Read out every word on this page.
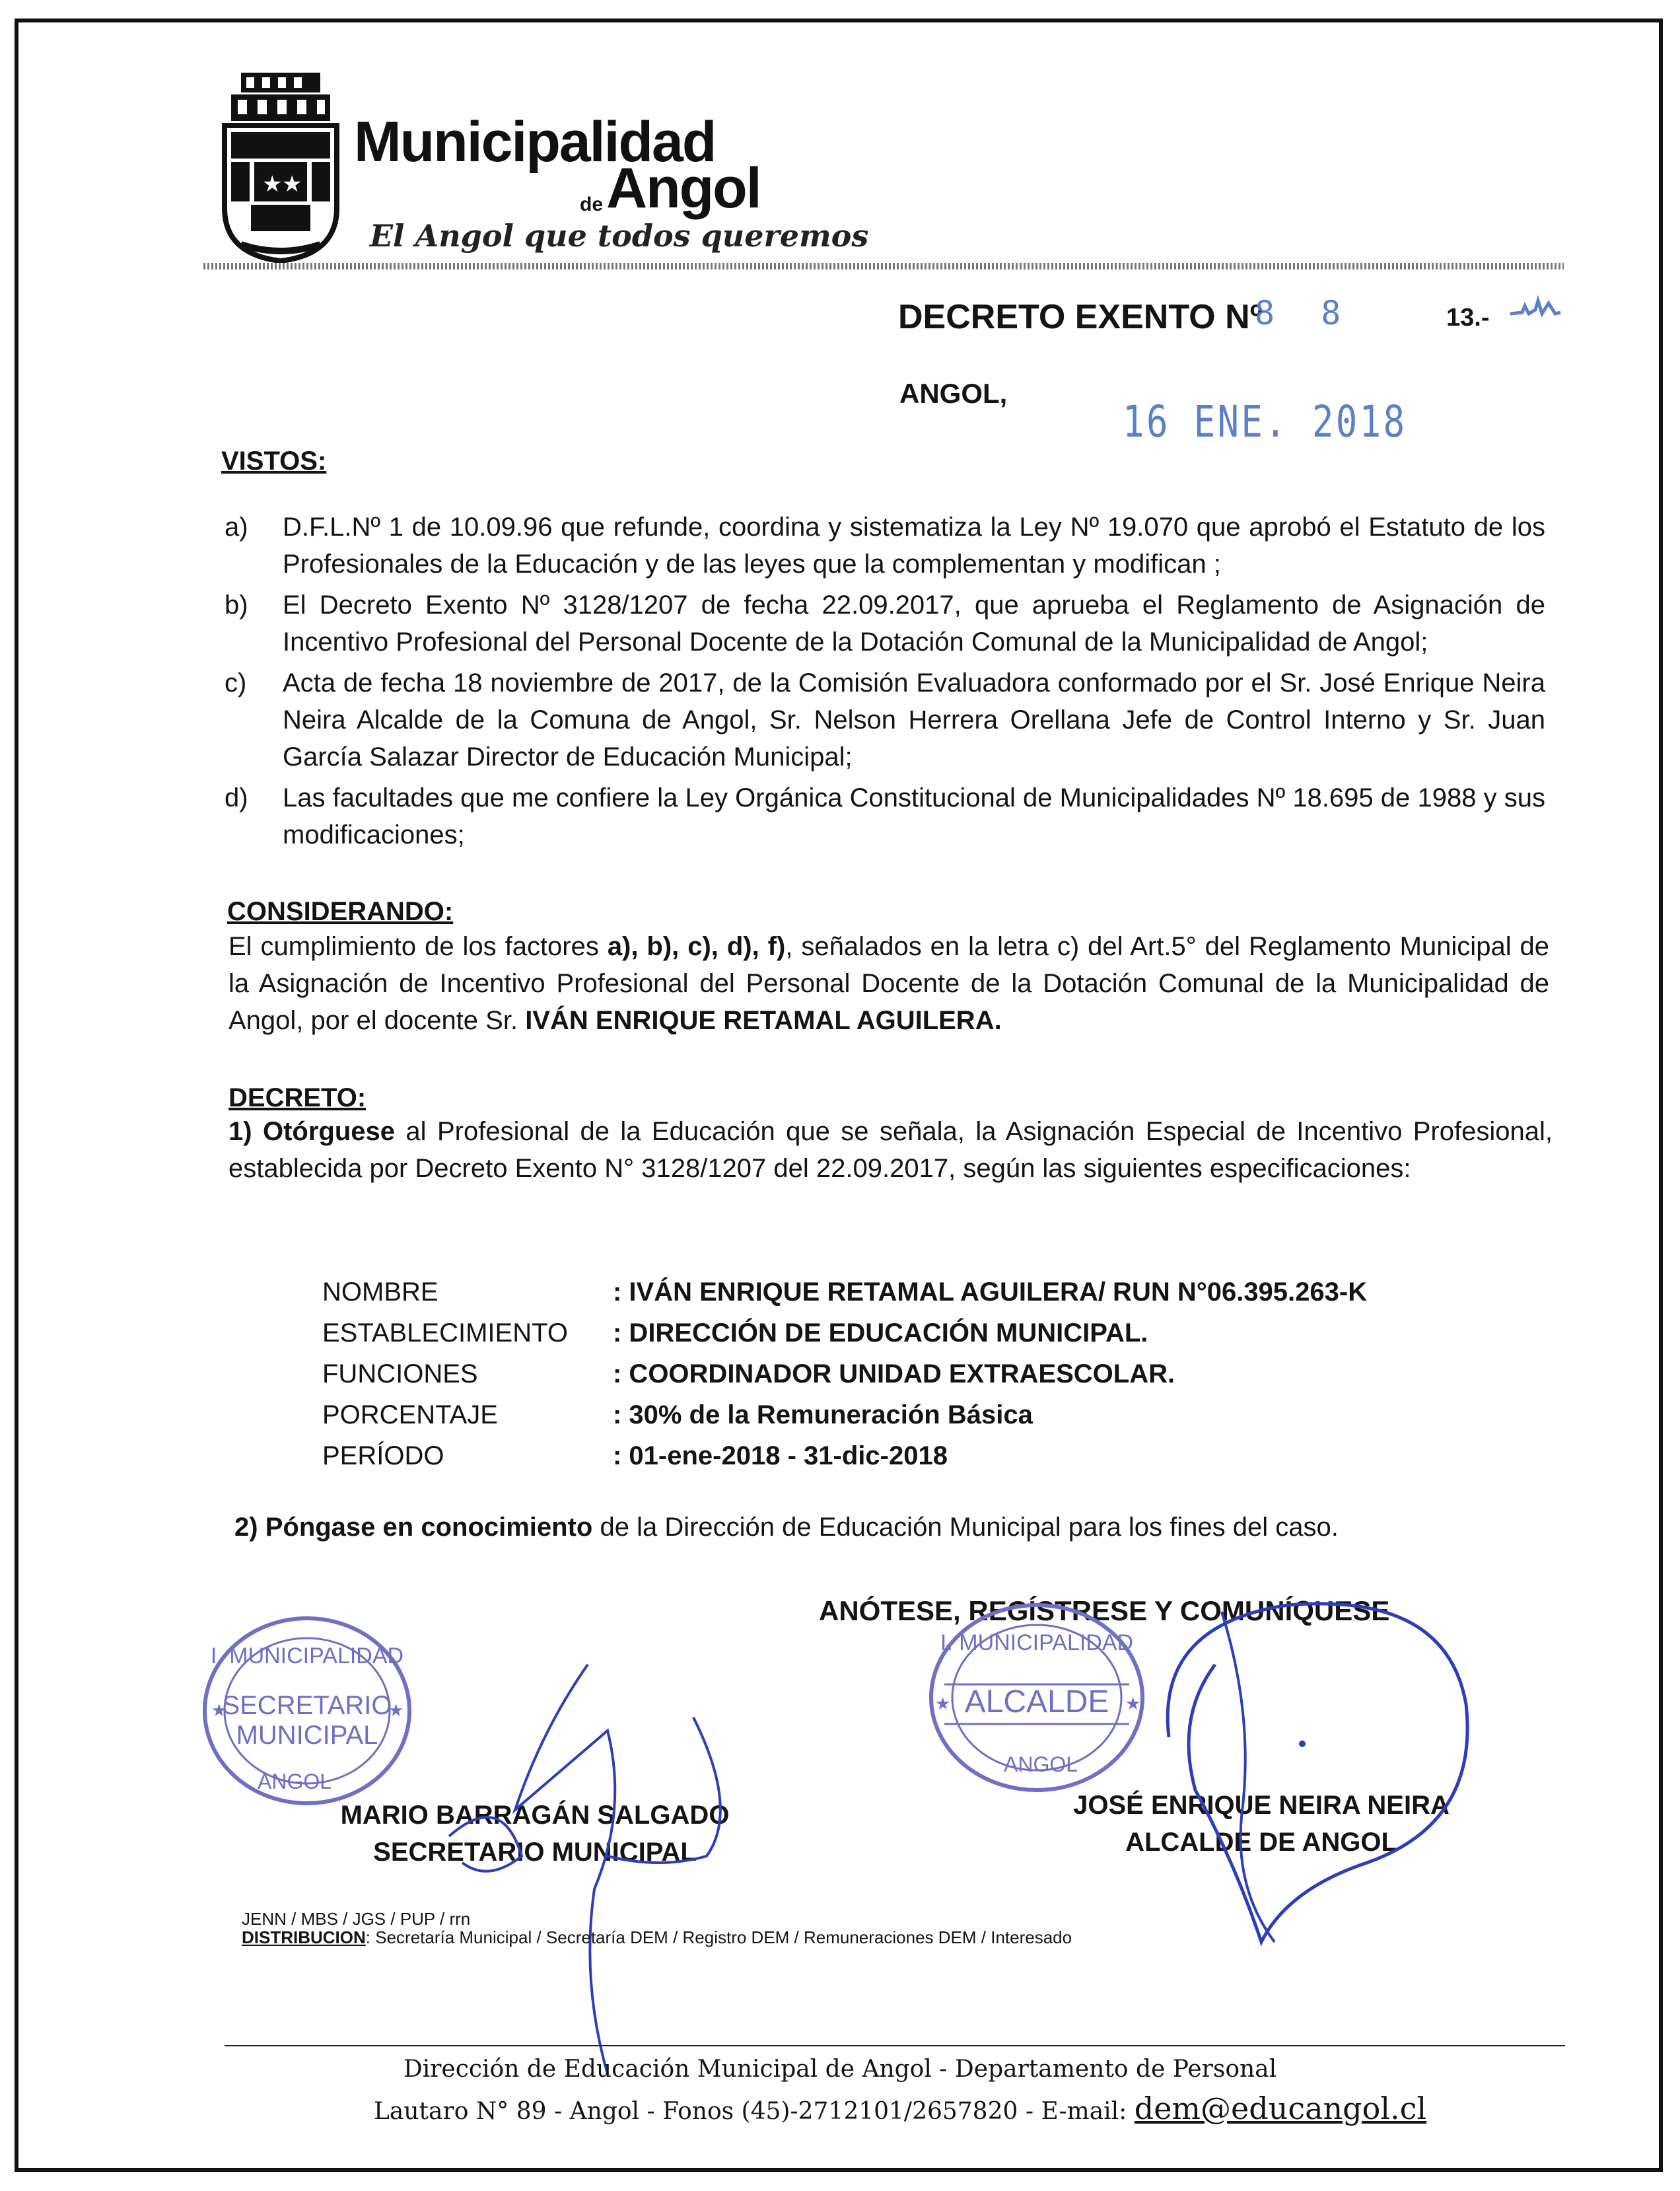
★ ★
Municipalidad
de Angol
El Angol que todos queremos
DECRETO EXENTO Nº
8 8	13.-
ANGOL,
16 ENE. 2018
VISTOS:
a) D.F.L.Nº 1 de 10.09.96 que refunde, coordina y sistematiza la Ley Nº 19.070 que aprobó el Estatuto de los Profesionales de la Educación y de las leyes que la complementan y modifican ;
b) El Decreto Exento Nº 3128/1207 de fecha 22.09.2017, que aprueba el Reglamento de Asignación de Incentivo Profesional del Personal Docente de la Dotación Comunal de la Municipalidad de Angol;
c) Acta de fecha 18 noviembre de 2017, de la Comisión Evaluadora conformado por el Sr. José Enrique Neira Neira Alcalde de la Comuna de Angol, Sr. Nelson Herrera Orellana Jefe de Control Interno y Sr. Juan García Salazar Director de Educación Municipal;
d) Las facultades que me confiere la Ley Orgánica Constitucional de Municipalidades Nº 18.695 de 1988 y sus modificaciones;
CONSIDERANDO:
El cumplimiento de los factores a), b), c), d), f), señalados en la letra c) del Art.5° del Reglamento Municipal de la Asignación de Incentivo Profesional del Personal Docente de la Dotación Comunal de la Municipalidad de Angol, por el docente Sr. IVÁN ENRIQUE RETAMAL AGUILERA.
DECRETO:
1) Otórguese al Profesional de la Educación que se señala, la Asignación Especial de Incentivo Profesional, establecida por Decreto Exento N° 3128/1207 del 22.09.2017, según las siguientes especificaciones:
NOMBRE	: IVÁN ENRIQUE RETAMAL AGUILERA/ RUN N°06.395.263-K
ESTABLECIMIENTO	: DIRECCIÓN DE EDUCACIÓN MUNICIPAL.
FUNCIONES	: COORDINADOR UNIDAD EXTRAESCOLAR.
PORCENTAJE	: 30% de la Remuneración Básica
PERÍODO	: 01-ene-2018 - 31-dic-2018
2) Póngase en conocimiento de la Dirección de Educación Municipal para los fines del caso.
ANÓTESE, REGÍSTRESE Y COMUNÍQUESE
I. MUNICIPALIDAD
SECRETARIO
MUNICIPAL
ANGOL
★	★
I. MUNICIPALIDAD
ALCALDE
ANGOL
★	★
MARIO BARRAGÁN SALGADO
SECRETARIO MUNICIPAL
JOSÉ ENRIQUE NEIRA NEIRA
ALCALDE DE ANGOL
JENN / MBS / JGS / PUP / rrn
DISTRIBUCION: Secretaría Municipal / Secretaría DEM / Registro DEM / Remuneraciones DEM / Interesado
Dirección de Educación Municipal de Angol - Departamento de Personal
Lautaro N° 89 - Angol - Fonos (45)-2712101/2657820 - E-mail: dem@educangol.cl
